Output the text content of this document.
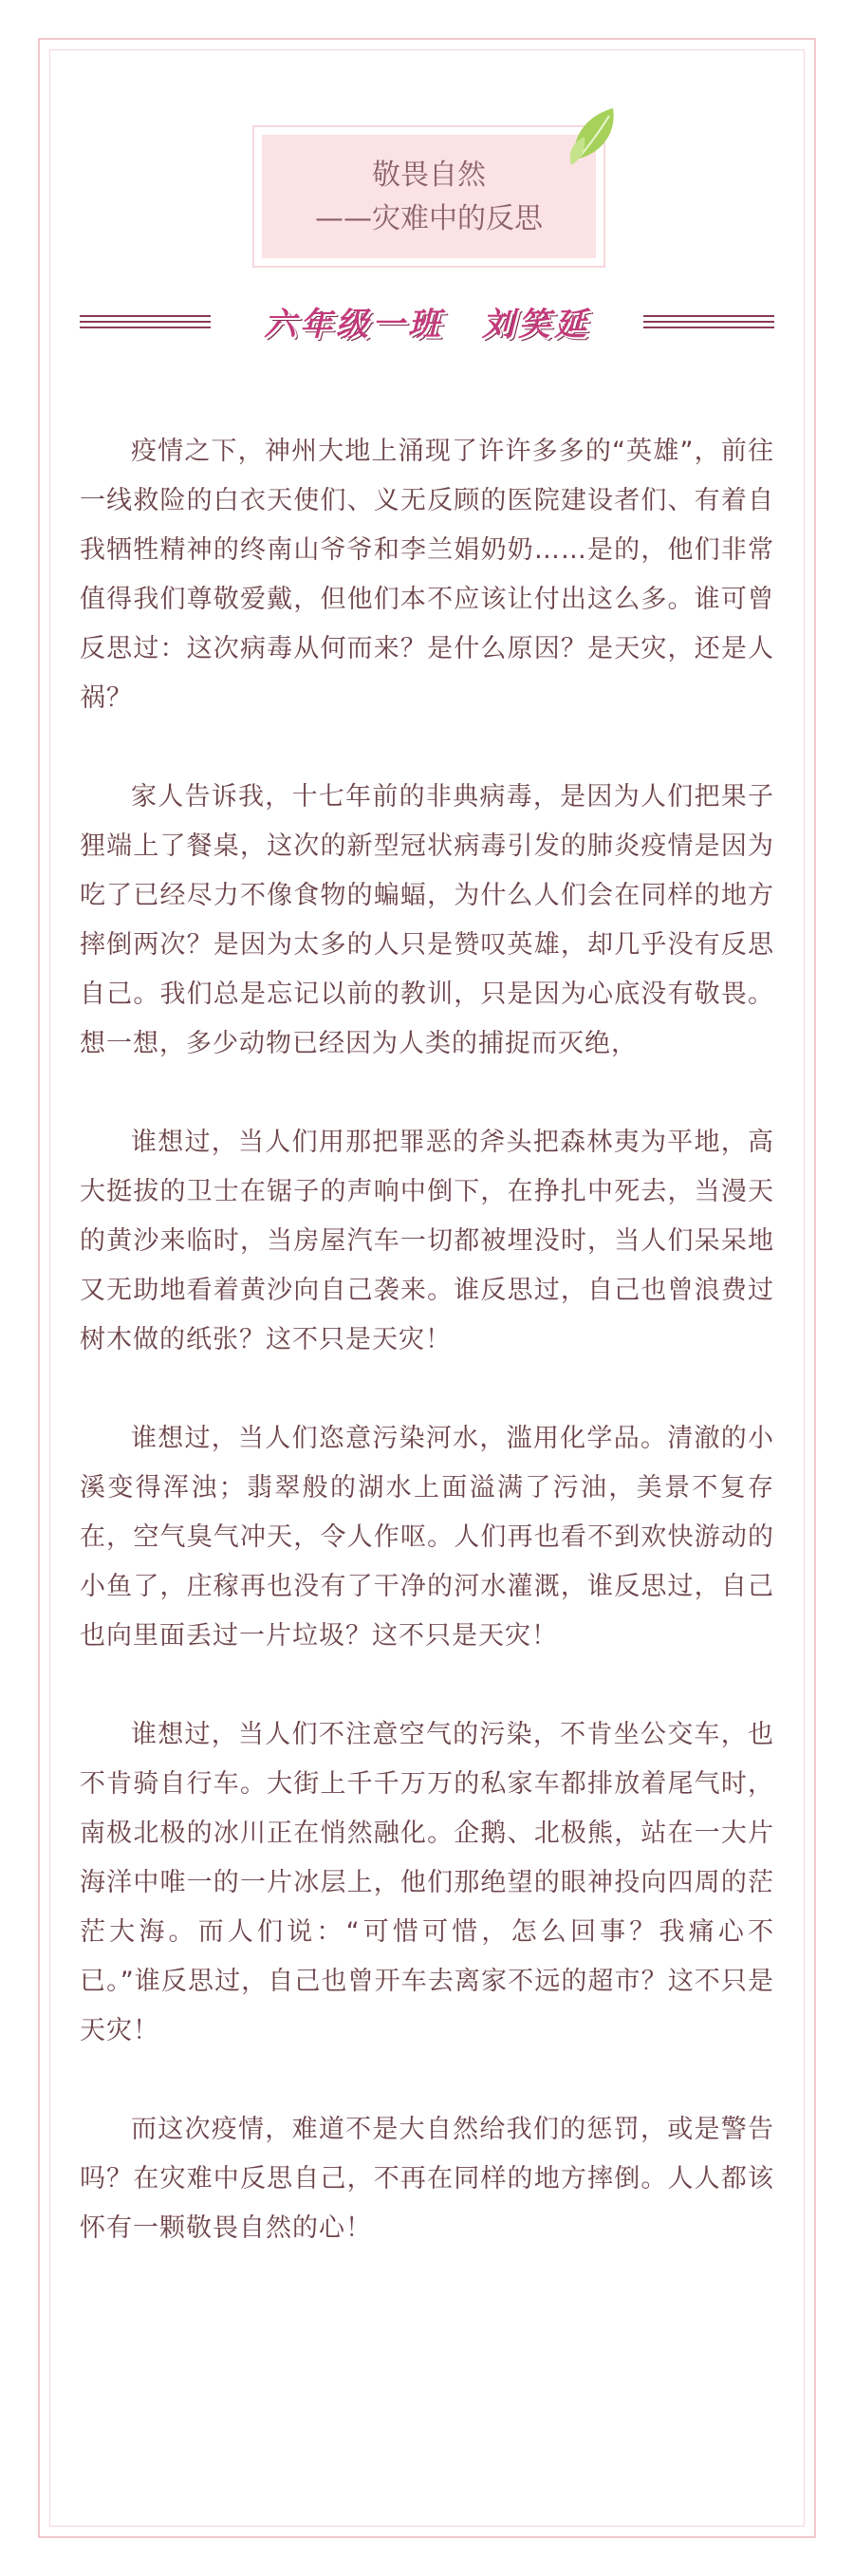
敬畏自然
——灾难中的反思
六年级一班 刘笑延

疫情之下，神州大地上涌现了许许多多的“英雄”，前往一线救险的白衣天使们、义无反顾的医院建设者们、有着自我牺牲精神的终南山爷爷和李兰娟奶奶……是的，他们非常值得我们尊敬爱戴，但他们本不应该让付出这么多。谁可曾反思过：这次病毒从何而来？是什么原因？是天灾，还是人祸？

家人告诉我，十七年前的非典病毒，是因为人们把果子狸端上了餐桌，这次的新型冠状病毒引发的肺炎疫情是因为吃了已经尽力不像食物的蝙蝠，为什么人们会在同样的地方摔倒两次？是因为太多的人只是赞叹英雄，却几乎没有反思自己。我们总是忘记以前的教训，只是因为心底没有敬畏。想一想，多少动物已经因为人类的捕捉而灭绝，

谁想过，当人们用那把罪恶的斧头把森林夷为平地，高大挺拔的卫士在锯子的声响中倒下，在挣扎中死去，当漫天的黄沙来临时，当房屋汽车一切都被埋没时，当人们呆呆地又无助地看着黄沙向自己袭来。谁反思过，自己也曾浪费过树木做的纸张？这不只是天灾！

谁想过，当人们恣意污染河水，滥用化学品。清澈的小溪变得浑浊；翡翠般的湖水上面溢满了污油，美景不复存在，空气臭气冲天，令人作呕。人们再也看不到欢快游动的小鱼了，庄稼再也没有了干净的河水灌溉，谁反思过，自己也向里面丢过一片垃圾？这不只是天灾！

谁想过，当人们不注意空气的污染，不肯坐公交车，也不肯骑自行车。大街上千千万万的私家车都排放着尾气时，南极北极的冰川正在悄然融化。企鹅、北极熊，站在一大片海洋中唯一的一片冰层上，他们那绝望的眼神投向四周的茫茫大海。而人们说：“可惜可惜，怎么回事？我痛心不已。”谁反思过，自己也曾开车去离家不远的超市？这不只是天灾！

而这次疫情，难道不是大自然给我们的惩罚，或是警告吗？在灾难中反思自己，不再在同样的地方摔倒。人人都该怀有一颗敬畏自然的心！
